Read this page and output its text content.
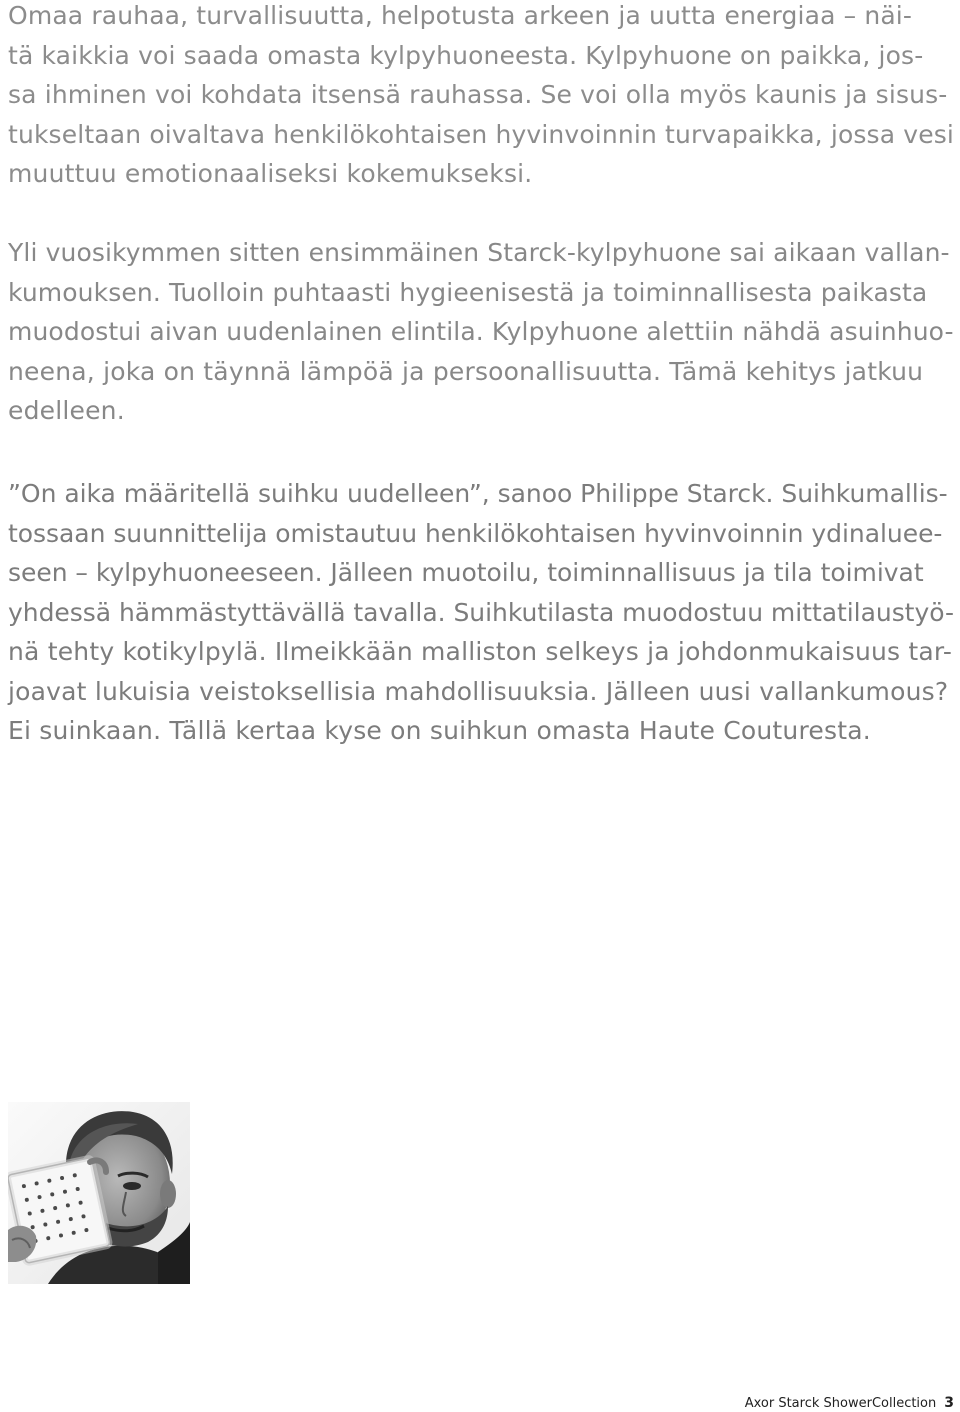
Omaa rauhaa, turvallisuutta, helpotusta arkeen ja uutta energiaa – näi-
tä kaikkia voi saada omasta kylpyhuoneesta. Kylpyhuone on paikka, jos-
sa ihminen voi kohdata itsensä rauhassa. Se voi olla myös kaunis ja sisus-
tukseltaan oivaltava henkilökohtaisen hyvinvoinnin turvapaikka, jossa vesi
muuttuu emotionaaliseksi kokemukseksi.

Yli vuosikymmen sitten ensimmäinen Starck-kylpyhuone sai aikaan vallan-
kumouksen. Tuolloin puhtaasti hygieenisestä ja toiminnallisesta paikasta
muodostui aivan uudenlainen elintila. Kylpyhuone alettiin nähdä asuinhuo-
neena, joka on täynnä lämpöä ja persoonallisuutta. Tämä kehitys jatkuu
edelleen.

”On aika määritellä suihku uudelleen”, sanoo Philippe Starck. Suihkumallis-
tossaan suunnittelija omistautuu henkilökohtaisen hyvinvoinnin ydinaluee-
seen – kylpyhuoneeseen. Jälleen muotoilu, toiminnallisuus ja tila toimivat
yhdessä hämmästyttävällä tavalla. Suihkutilasta muodostuu mittatilaustyö-
nä tehty kotikylpylä. Ilmeikkään malliston selkeys ja johdonmukaisuus tar-
joavat lukuisia veistoksellisia mahdollisuuksia. Jälleen uusi vallankumous?
Ei suinkaan. Tällä kertaa kyse on suihkun omasta Haute Couturesta.

Axor Starck ShowerCollection 3
